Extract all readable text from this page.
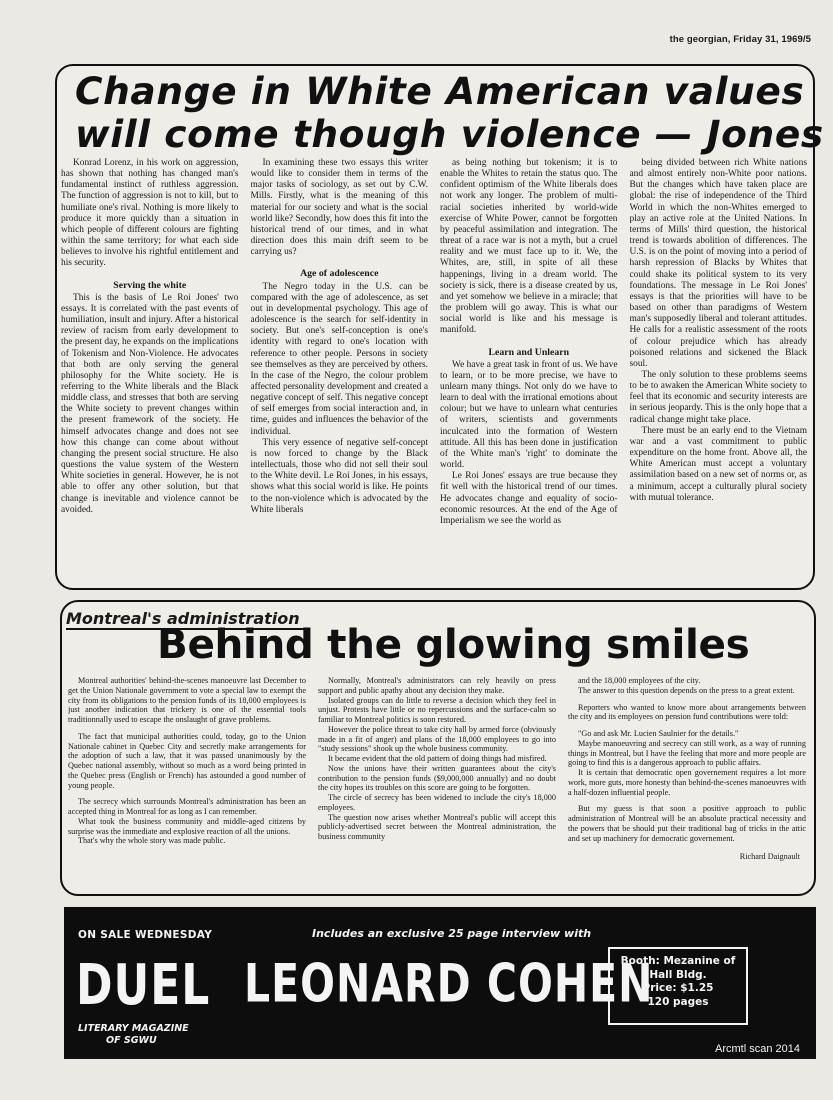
the georgian, Friday 31, 1969/5
Change in White American values
will come though violence — Jones

Konrad Lorenz, in his work on aggression, has shown that nothing has changed man's fundamental instinct of ruthless aggression. The function of aggression is not to kill, but to humiliate one's rival. Nothing is more likely to produce it more quickly than a situation in which people of different colours are fighting within the same territory; for what each side believes to involve his rightful entitlement and his security.

Serving the white

This is the basis of Le Roi Jones' two essays. It is correlated with the past events of humiliation, insult and injury. After a historical review of racism from early development to the present day, he expands on the implications of Tokenism and Non-Violence. He advocates that both are only serving the general philosophy for the White society. He is referring to the White liberals and the Black middle class, and stresses that both are serving the White society to prevent changes within the present framework of the society. He himself advocates change and does not see how this change can come about without changing the present social structure. He also questions the value system of the Western White societies in general. However, he is not able to offer any other solution, but that change is inevitable and violence cannot be avoided.

In examining these two essays this writer would like to consider them in terms of the major tasks of sociology, as set out by C.W. Mills. Firstly, what is the meaning of this material for our society and what is the social world like? Secondly, how does this fit into the historical trend of our times, and in what direction does this main drift seem to be carrying us?

Age of adolescence

The Negro today in the U.S. can be compared with the age of adolescence, as set out in developmental psychology. This age of adolescence is the search for self-identity in society. But one's self-conception is one's identity with regard to one's location with reference to other people. Persons in society see themselves as they are perceived by others. In the case of the Negro, the colour problem affected personality development and created a negative concept of self. This negative concept of self emerges from social interaction and, in time, guides and influences the behavior of the individual.

This very essence of negative self-concept is now forced to change by the Black intellectuals, those who did not sell their soul to the White devil. Le Roi Jones, in his essays, shows what this social world is like. He points to the non-violence which is advocated by the White liberals

as being nothing but tokenism; it is to enable the Whites to retain the status quo. The confident optimism of the White liberals does not work any longer. The problem of multi-racial societies inherited by world-wide exercise of White Power, cannot be forgotten by peaceful assimilation and integration. The threat of a race war is not a myth, but a cruel reality and we must face up to it. We, the Whites, are, still, in spite of all these happenings, living in a dream world. The society is sick, there is a disease created by us, and yet somehow we believe in a miracle; that the problem will go away. This is what our social world is like and his message is manifold.

Learn and Unlearn

We have a great task in front of us. We have to learn, or to be more precise, we have to unlearn many things. Not only do we have to learn to deal with the irrational emotions about colour; but we have to unlearn what centuries of writers, scientists and governments inculcated into the formation of Western attitude. All this has been done in justification of the White man's 'right' to dominate the world.

Le Roi Jones' essays are true because they fit well with the historical trend of our times. He advocates change and equality of socio-economic resources. At the end of the Age of Imperialism we see the world as

being divided between rich White nations and almost entirely non-White poor nations. But the changes which have taken place are global: the rise of independence of the Third World in which the non-Whites emerged to play an active role at the United Nations. In terms of Mills' third question, the historical trend is towards abolition of differences. The U.S. is on the point of moving into a period of harsh repression of Blacks by Whites that could shake its political system to its very foundations. The message in Le Roi Jones' essays is that the priorities will have to be based on other than paradigms of Western man's supposedly liberal and tolerant attitudes. He calls for a realistic assessment of the roots of colour prejudice which has already poisoned relations and sickened the Black soul.

The only solution to these problems seems to be to awaken the American White society to feel that its economic and security interests are in serious jeopardy. This is the only hope that a radical change might take place.

There must be an early end to the Vietnam war and a vast commitment to public expenditure on the home front. Above all, the White American must accept a voluntary assimilation based on a new set of norms or, as a minimum, accept a culturally plural society with mutual tolerance.

Montreal's administration
Behind the glowing smiles

Montreal authorities' behind-the-scenes manoeuvre last December to get the Union Nationale government to vote a special law to exempt the city from its obligations to the pension funds of its 18,000 employees is just another indication that trickery is one of the essential tools traditionnally used to escape the onslaught of grave problems.

The fact that municipal authorities could, today, go to the Union Nationale cabinet in Quebec City and secretly make arrangements for the adoption of such a law, that it was passed unanimously by the Quebec national assembly, without so much as a word being printed in the Quebec press (English or French) has astounded a good number of young people.

The secrecy which surrounds Montreal's administration has been an accepted thing in Montreal for as long as I can remember.

What took the business community and middle-aged citizens by surprise was the immediate and explosive reaction of all the unions.

That's why the whole story was made public.

Normally, Montreal's administrators can rely heavily on press support and public apathy about any decision they make.

Isolated groups can do little to reverse a decision which they feel in unjust. Protests have little or no repercussions and the surface-calm so familiar to Montreal politics is soon restored.

However the police threat to take city hall by armed force (obviously made in a fit of anger) and plans of the 18,000 employees to go into "study sessions" shook up the whole business community.

It became evident that the old pattern of doing things had misfired.

Now the unions have their written guarantees about the city's contribution to the pension funds ($9,000,000 annually) and no doubt the city hopes its troubles on this score are going to be forgotten.

The circle of secrecy has been widened to include the city's 18,000 employees.

The question now arises whether Montreal's public will accept this publicly-advertised secret between the Montreal administration, the business community

and the 18,000 employees of the city.

The answer to this question depends on the press to a great extent.

Reporters who wanted to know more about arrangements between the city and its employees on pension fund contributions were told:

"Go and ask Mr. Lucien Saulnier for the details."

Maybe manoeuvring and secrecy can still work, as a way of running things in Montreal, but I have the feeling that more and more people are going to find this is a dangerous approach to public affairs.

It is certain that democratic open governement requires a lot more work, more guts, more honesty than behind-the-scenes manoeuvres with a half-dozen influential people.

But my guess is that soon a positive approach to public administration of Montreal will be an absolute practical necessity and the powers that be should put their traditional bag of tricks in the attic and set up machinery for democratic governement.

Richard Daignault
ON SALE WEDNESDAY	Includes an exclusive 25 page interview with
DUEL LEONARD COHEN
Booth: Mezanine of
Hall Bldg.
Price: $1.25
120 pages
LITERARY MAGAZINE
OF SGWU
Arcmtl scan 2014
